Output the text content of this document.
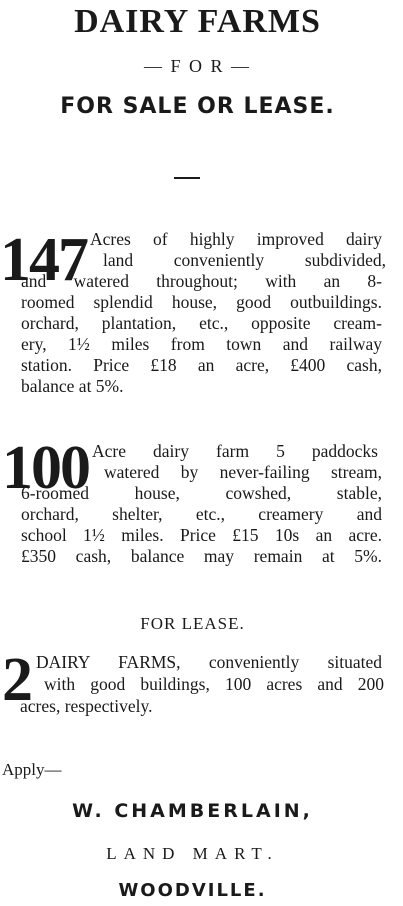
DAIRY FARMS
— F O R —
FOR SALE OR LEASE.
147 Acres of highly improved dairy
land conveniently subdivided,
and watered throughout; with an 8-
roomed splendid house, good outbuildings.
orchard, plantation, etc., opposite cream-
ery, 1½ miles from town and railway
station. Price £18 an acre, £400 cash,
balance at 5%.
100 Acre dairy farm 5 paddocks
watered by never-failing stream,
6-roomed house, cowshed, stable,
orchard, shelter, etc., creamery and
school 1½ miles. Price £15 10s an acre.
£350 cash, balance may remain at 5%.
FOR LEASE.
2 DAIRY FARMS, conveniently situated
with good buildings, 100 acres and 200
acres, respectively.
Apply—
W. CHAMBERLAIN,
LAND MART.
WOODVILLE.
